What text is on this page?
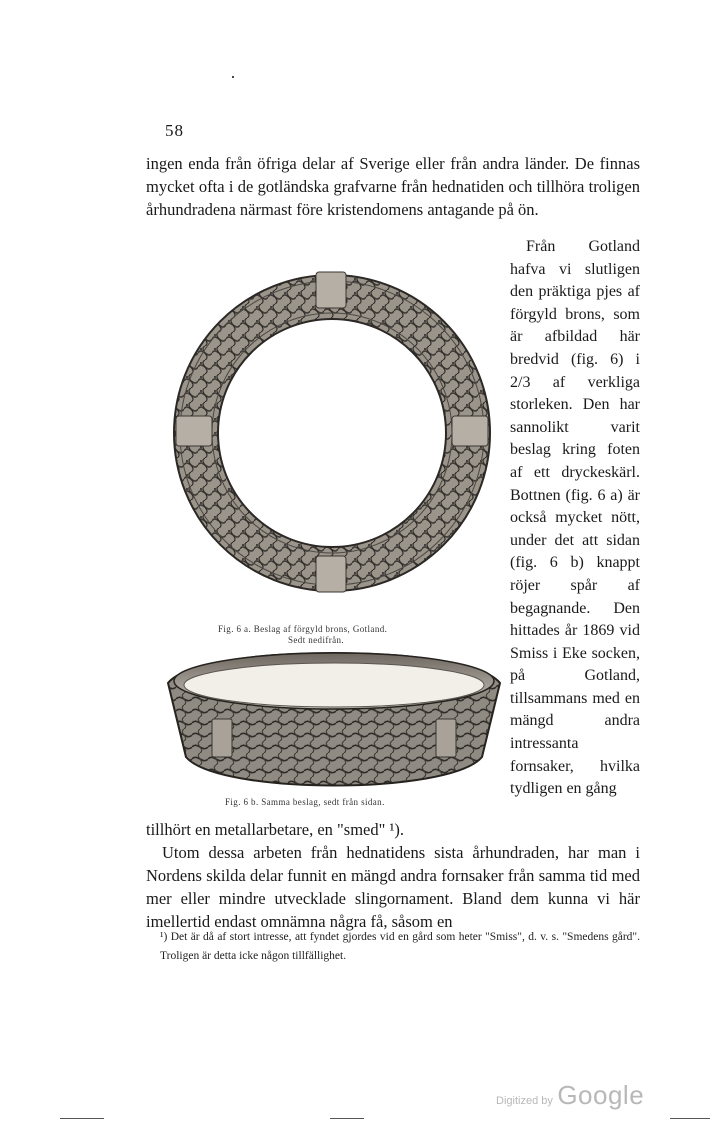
58

ingen enda från öfriga delar af Sverige eller från andra länder. De finnas mycket ofta i de gotländska grafvarne från hednatiden och tillhöra troligen århundradena närmast före kristendomens antagande på ön.

Fig. 6 a. Beslag af förgyld brons, Gotland.
Sedt nedifrån.
Fig. 6 b. Samma beslag, sedt från sidan.

Från Gotland hafva vi slutligen den präktiga pjes af förgyld brons, som är afbildad här bredvid (fig. 6) i 2/3 af verkliga storleken. Den har sannolikt varit beslag kring foten af ett dryckeskärl. Bottnen (fig. 6 a) är också mycket nött, under det att sidan (fig. 6 b) knappt röjer spår af begagnande. Den hittades år 1869 vid Smiss i Eke socken, på Gotland, tillsammans med en mängd andra intressanta fornsaker, hvilka tydligen en gång

tillhört en metallarbetare, en "smed" ¹).

Utom dessa arbeten från hednatidens sista århundraden, har man i Nordens skilda delar funnit en mängd andra fornsaker från samma tid med mer eller mindre utvecklade slingornament. Bland dem kunna vi här imellertid endast omnämna några få, såsom en

¹) Det är då af stort intresse, att fyndet gjordes vid en gård som heter "Smiss", d. v. s. "Smedens gård". Troligen är detta icke någon tillfällighet.
Digitized by Google
